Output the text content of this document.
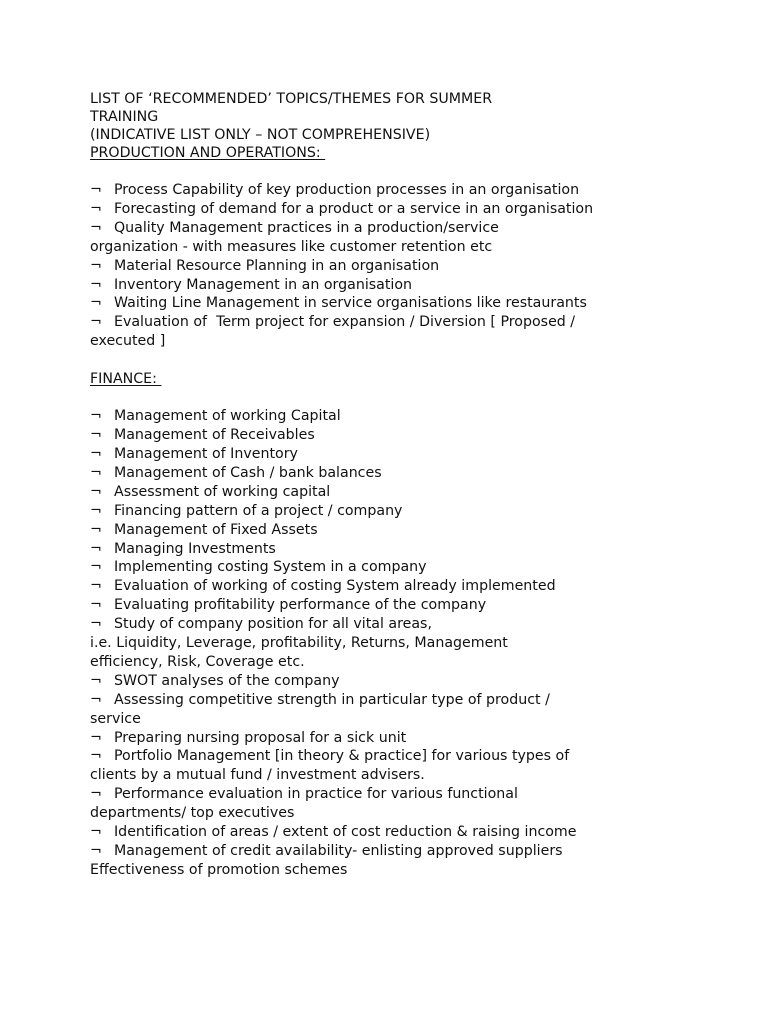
LIST OF ‘RECOMMENDED’ TOPICS/THEMES FOR SUMMER

TRAINING

(INDICATIVE LIST ONLY – NOT COMPREHENSIVE)

PRODUCTION AND OPERATIONS:

¬ Process Capability of key production processes in an organisation
¬ Forecasting of demand for a product or a service in an organisation
¬ Quality Management practices in a production/service
organization - with measures like customer retention etc
¬ Material Resource Planning in an organisation
¬ Inventory Management in an organisation
¬ Waiting Line Management in service organisations like restaurants
¬ Evaluation of  Term project for expansion / Diversion [ Proposed /
executed ]

FINANCE:

¬ Management of working Capital
¬ Management of Receivables
¬ Management of Inventory
¬ Management of Cash / bank balances
¬ Assessment of working capital
¬ Financing pattern of a project / company
¬ Management of Fixed Assets
¬ Managing Investments
¬ Implementing costing System in a company
¬ Evaluation of working of costing System already implemented
¬ Evaluating profitability performance of the company
¬ Study of company position for all vital areas,
i.e. Liquidity, Leverage, profitability, Returns, Management
efficiency, Risk, Coverage etc.
¬ SWOT analyses of the company
¬ Assessing competitive strength in particular type of product /
service
¬ Preparing nursing proposal for a sick unit
¬ Portfolio Management [in theory & practice] for various types of
clients by a mutual fund / investment advisers.
¬ Performance evaluation in practice for various functional
departments/ top executives
¬ Identification of areas / extent of cost reduction & raising income
¬ Management of credit availability- enlisting approved suppliers
Effectiveness of promotion schemes
